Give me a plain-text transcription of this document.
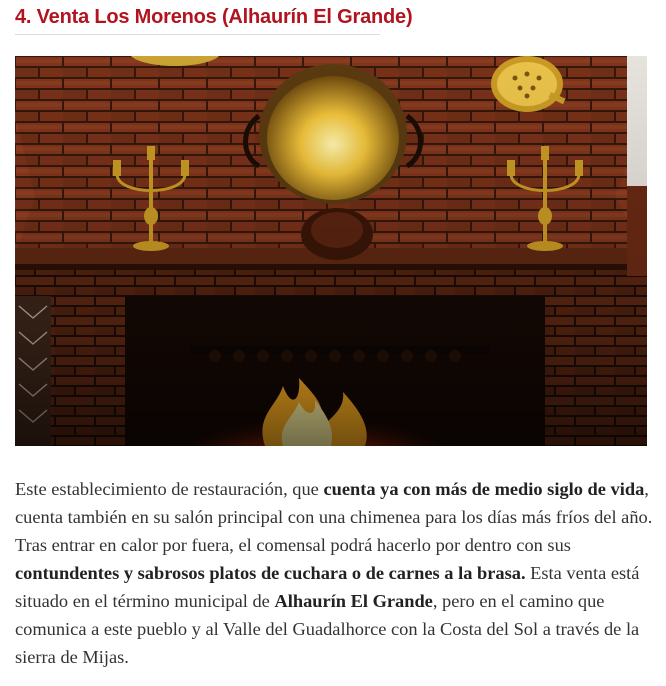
4. Venta Los Morenos (Alhaurín El Grande)

Este establecimiento de restauración, que cuenta ya con más de medio siglo de vida, cuenta también en su salón principal con una chimenea para los días más fríos del año. Tras entrar en calor por fuera, el comensal podrá hacerlo por dentro con sus contundentes y sabrosos platos de cuchara o de carnes a la brasa. Esta venta está situado en el término municipal de Alhaurín El Grande, pero en el camino que comunica a este pueblo y al Valle del Guadalhorce con la Costa del Sol a través de la sierra de Mijas.
